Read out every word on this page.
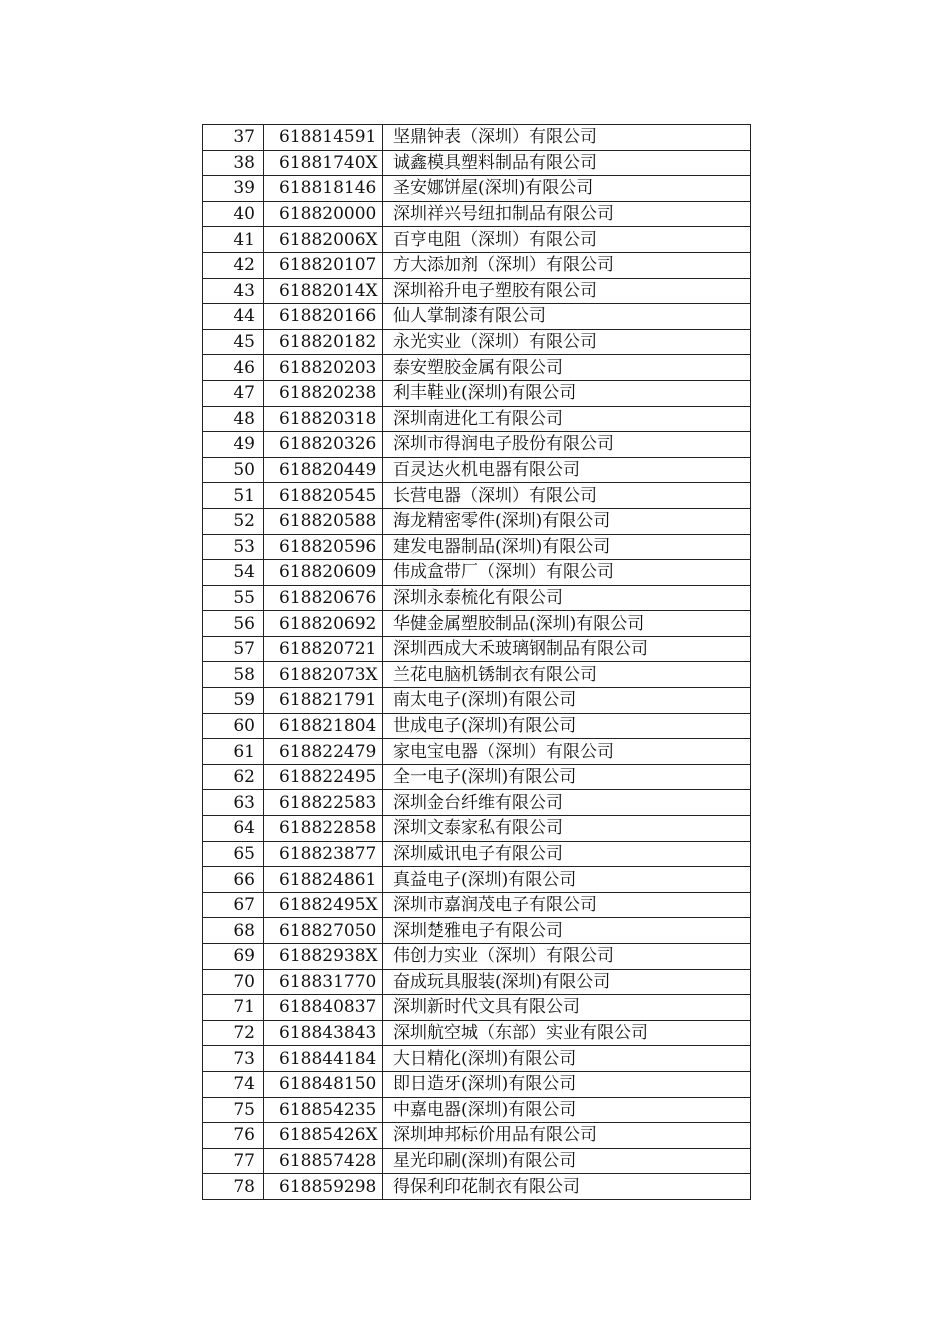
37	618814591	坚鼎钟表（深圳）有限公司
38	61881740X	诚鑫模具塑料制品有限公司
39	618818146	圣安娜饼屋(深圳)有限公司
40	618820000	深圳祥兴号纽扣制品有限公司
41	61882006X	百亨电阻（深圳）有限公司
42	618820107	方大添加剂（深圳）有限公司
43	61882014X	深圳裕升电子塑胶有限公司
44	618820166	仙人掌制漆有限公司
45	618820182	永光实业（深圳）有限公司
46	618820203	泰安塑胶金属有限公司
47	618820238	利丰鞋业(深圳)有限公司
48	618820318	深圳南进化工有限公司
49	618820326	深圳市得润电子股份有限公司
50	618820449	百灵达火机电器有限公司
51	618820545	长营电器（深圳）有限公司
52	618820588	海龙精密零件(深圳)有限公司
53	618820596	建发电器制品(深圳)有限公司
54	618820609	伟成盒带厂（深圳）有限公司
55	618820676	深圳永泰梳化有限公司
56	618820692	华健金属塑胶制品(深圳)有限公司
57	618820721	深圳西成大禾玻璃钢制品有限公司
58	61882073X	兰花电脑机锈制衣有限公司
59	618821791	南太电子(深圳)有限公司
60	618821804	世成电子(深圳)有限公司
61	618822479	家电宝电器（深圳）有限公司
62	618822495	全一电子(深圳)有限公司
63	618822583	深圳金台纤维有限公司
64	618822858	深圳文泰家私有限公司
65	618823877	深圳威讯电子有限公司
66	618824861	真益电子(深圳)有限公司
67	61882495X	深圳市嘉润茂电子有限公司
68	618827050	深圳楚雅电子有限公司
69	61882938X	伟创力实业（深圳）有限公司
70	618831770	奋成玩具服装(深圳)有限公司
71	618840837	深圳新时代文具有限公司
72	618843843	深圳航空城（东部）实业有限公司
73	618844184	大日精化(深圳)有限公司
74	618848150	即日造牙(深圳)有限公司
75	618854235	中嘉电器(深圳)有限公司
76	61885426X	深圳坤邦标价用品有限公司
77	618857428	星光印刷(深圳)有限公司
78	618859298	得保利印花制衣有限公司
